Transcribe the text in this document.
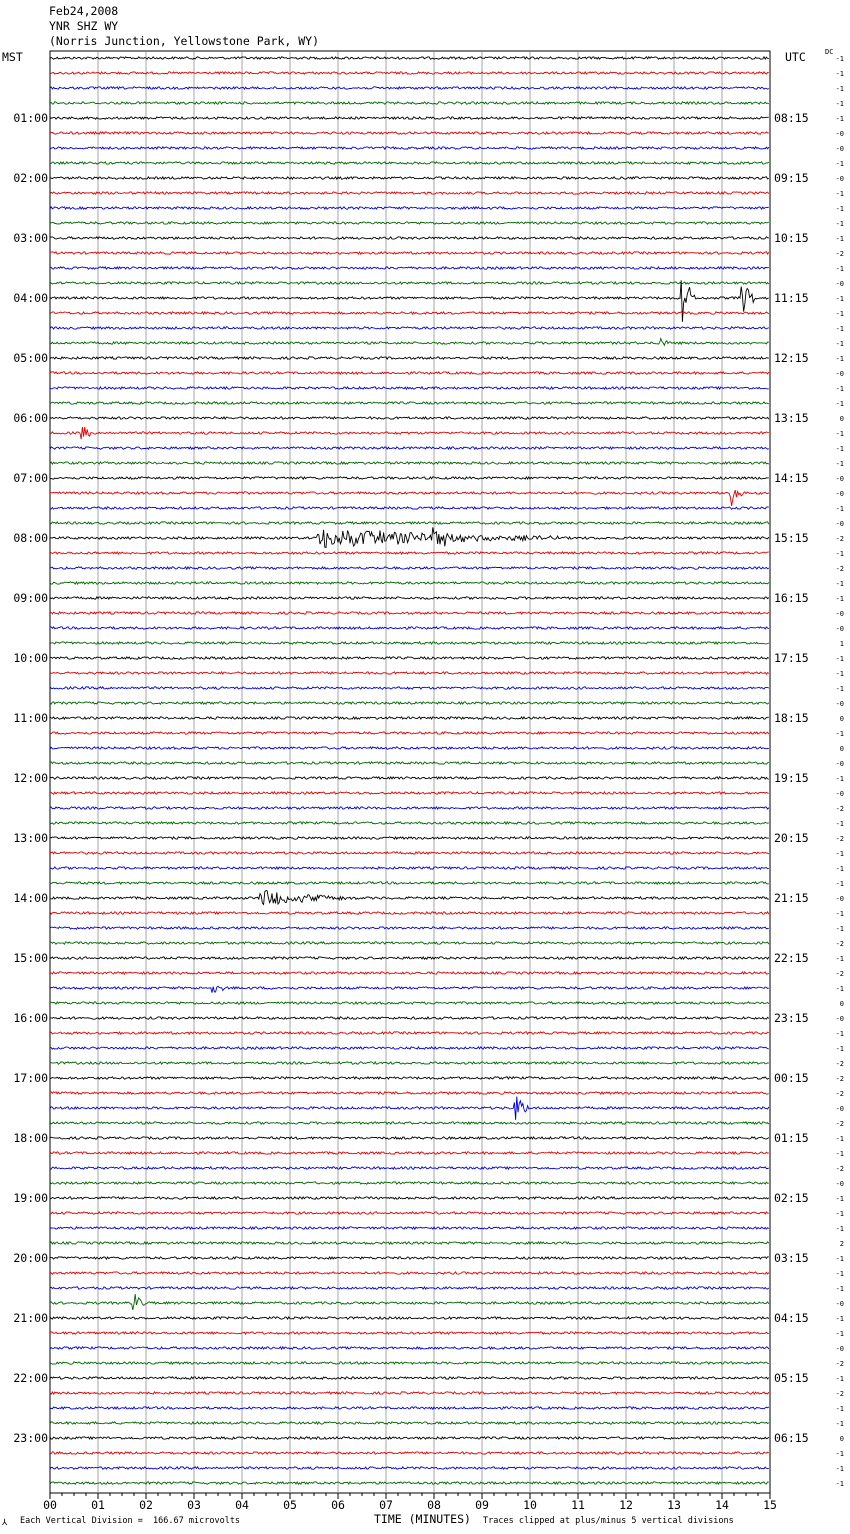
Feb24,2008
YNR SHZ WY
(Norris Junction, Yellowstone Park, WY)
00	01	02	03	04	05	06	07	08	09	10	11	12	13	14	15
-1
-1
-1
-1
-1
01:00	08:15
-0
-0
-1
-0
02:00	09:15
-1
-1
-1
-1
03:00	10:15
-2
-1
-0
-1
04:00	11:15
-1
-1
-1
-1
05:00	12:15
-0
-1
-1
0
06:00	13:15
-1
-1
-1
-0
07:00	14:15
-0
-1
-0
-2
08:00	15:15
-1
-2
-1
-1
09:00	16:15
-0
-0
1
-1
10:00	17:15
-1
-1
-0
0
11:00	18:15
-1
0
-0
-1
12:00	19:15
-0
-2
-1
-2
13:00	20:15
-1
-1
-1
-0
14:00	21:15
-1
-1
-2
-1
15:00	22:15
-2
-1
0
-0
16:00	23:15
-1
-1
-2
-2
17:00	00:15
-2
-0
-2
-1
18:00	01:15
-1
-2
-0
-1
19:00	02:15
-1
-1
2
-1
20:00	03:15
-1
-1
-0
-1
21:00	04:15
-1
-0
-2
-1
22:00	05:15
-2
-1
-1
0
23:00	06:15
-1
-1
-1
MST	UTC	DC
⅄ Each Vertical Division =  166.67 microvolts	TIME (MINUTES) Traces clipped at plus/minus 5 vertical divisions
